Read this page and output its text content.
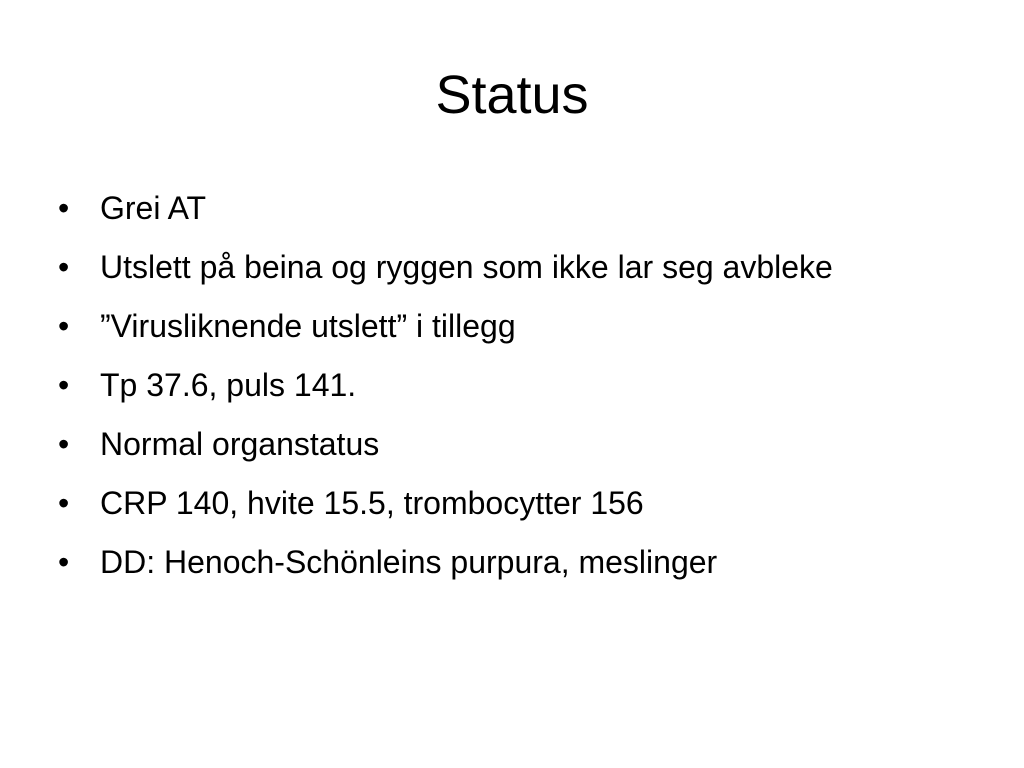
Status
• Grei AT
• Utslett på beina og ryggen som ikke lar seg avbleke
• ”Virusliknende utslett” i tillegg
• Tp 37.6, puls 141.
• Normal organstatus
• CRP 140, hvite 15.5, trombocytter 156
• DD: Henoch-Schönleins purpura, meslinger
